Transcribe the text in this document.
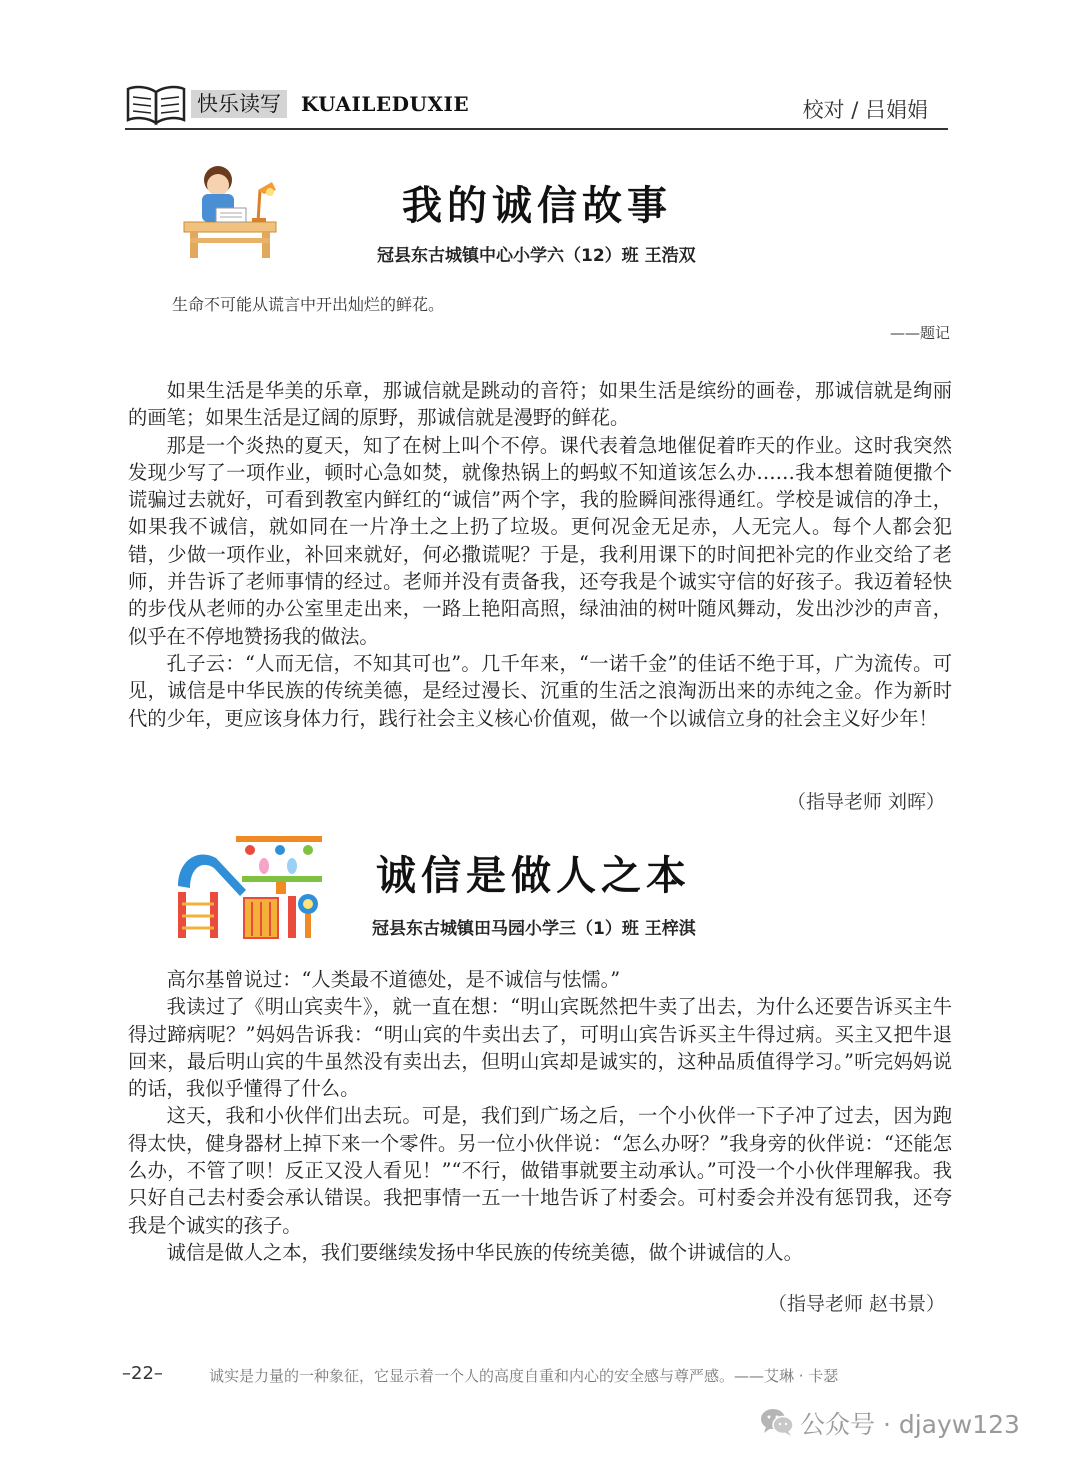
快乐读写	KUAILEDUXIE	校对 / 吕娟娟
我的诚信故事
冠县东古城镇中心小学六（12）班 王浩双
生命不可能从谎言中开出灿烂的鲜花。
——题记

如果生活是华美的乐章，那诚信就是跳动的音符；如果生活是缤纷的画卷，那诚信就是绚丽的画笔；如果生活是辽阔的原野，那诚信就是漫野的鲜花。

那是一个炎热的夏天，知了在树上叫个不停。课代表着急地催促着昨天的作业。这时我突然发现少写了一项作业，顿时心急如焚，就像热锅上的蚂蚁不知道该怎么办……我本想着随便撒个谎骗过去就好，可看到教室内鲜红的“诚信”两个字，我的脸瞬间涨得通红。学校是诚信的净土，如果我不诚信，就如同在一片净土之上扔了垃圾。更何况金无足赤，人无完人。每个人都会犯错，少做一项作业，补回来就好，何必撒谎呢？于是，我利用课下的时间把补完的作业交给了老师，并告诉了老师事情的经过。老师并没有责备我，还夸我是个诚实守信的好孩子。我迈着轻快的步伐从老师的办公室里走出来，一路上艳阳高照，绿油油的树叶随风舞动，发出沙沙的声音，似乎在不停地赞扬我的做法。

孔子云：“人而无信，不知其可也”。几千年来，“一诺千金”的佳话不绝于耳，广为流传。可见，诚信是中华民族的传统美德，是经过漫长、沉重的生活之浪淘沥出来的赤纯之金。作为新时代的少年，更应该身体力行，践行社会主义核心价值观，做一个以诚信立身的社会主义好少年！

（指导老师 刘晖）
诚信是做人之本
冠县东古城镇田马园小学三（1）班 王梓淇

高尔基曾说过：“人类最不道德处，是不诚信与怯懦。”

我读过了《明山宾卖牛》，就一直在想：“明山宾既然把牛卖了出去，为什么还要告诉买主牛得过蹄病呢？”妈妈告诉我：“明山宾的牛卖出去了，可明山宾告诉买主牛得过病。买主又把牛退回来，最后明山宾的牛虽然没有卖出去，但明山宾却是诚实的，这种品质值得学习。”听完妈妈说的话，我似乎懂得了什么。

这天，我和小伙伴们出去玩。可是，我们到广场之后，一个小伙伴一下子冲了过去，因为跑得太快，健身器材上掉下来一个零件。另一位小伙伴说：“怎么办呀？”我身旁的伙伴说：“还能怎么办，不管了呗！反正又没人看见！”“不行，做错事就要主动承认。”可没一个小伙伴理解我。我只好自己去村委会承认错误。我把事情一五一十地告诉了村委会。可村委会并没有惩罚我，还夸我是个诚实的孩子。

诚信是做人之本，我们要继续发扬中华民族的传统美德，做个讲诚信的人。

（指导老师 赵书景）
–22–	诚实是力量的一种象征，它显示着一个人的高度自重和内心的安全感与尊严感。——艾琳 · 卡瑟
公众号 · djayw123
